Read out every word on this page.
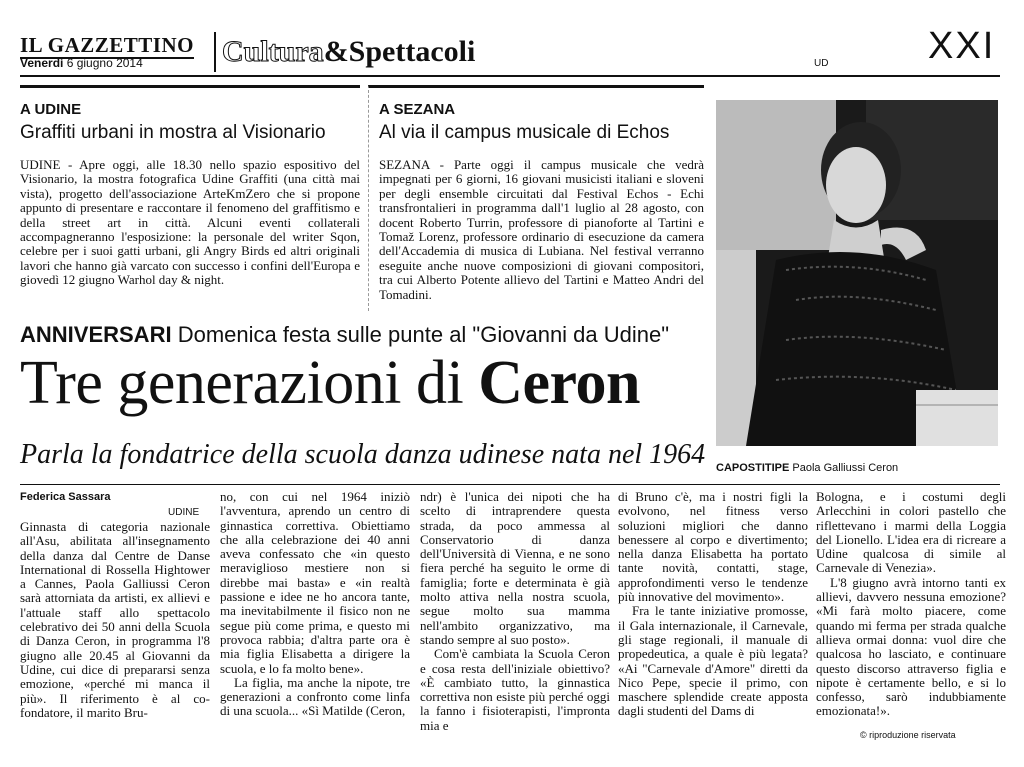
IL GAZZETTINO
Venerdì 6 giugno 2014	Cultura&Spettacoli	UD	XXI
A UDINE
Graffiti urbani in mostra al Visionario
UDINE - Apre oggi, alle 18.30 nello spazio espositivo del Visionario, la mostra fotografica Udine Graffiti (una città mai vista), progetto dell'associazione ArteKmZero che si propone appunto di presentare e raccontare il fenomeno del graffitismo e della street art in città. Alcuni eventi collaterali accompagneranno l'esposizione: la personale del writer Sqon, celebre per i suoi gatti urbani, gli Angry Birds ed altri originali lavori che hanno già varcato con successo i confini dell'Europa e giovedì 12 giugno Warhol day & night.
A SEZANA
Al via il campus musicale di Echos
SEZANA - Parte oggi il campus musicale che vedrà impegnati per 6 giorni, 16 giovani musicisti italiani e sloveni per degli ensemble circuitati dal Festival Echos - Echi transfrontalieri in programma dall'1 luglio al 28 agosto, con docent Roberto Turrin, professore di pianoforte al Tartini e Tomaž Lorenz, professore ordinario di esecuzione da camera dell'Accademia di musica di Lubiana. Nel festival verranno eseguite anche nuove composizioni di giovani compositori, tra cui Alberto Potente allievo del Tartini e Matteo Andri del Tomadini.
CAPOSTITIPE Paola Galliussi Ceron
ANNIVERSARI Domenica festa sulle punte al "Giovanni da Udine"
Tre generazioni di Ceron
Parla la fondatrice della scuola danza udinese nata nel 1964
Federica Sassara
UDINE

Ginnasta di categoria nazionale all'Asu, abilitata all'insegnamento della danza dal Centre de Danse International di Rossella Hightower a Cannes, Paola Galliussi Ceron sarà attorniata da artisti, ex allievi e l'attuale staff allo spettacolo celebrativo dei 50 anni della Scuola di Danza Ceron, in programma l'8 giugno alle 20.45 al Giovanni da Udine, cui dice di prepararsi senza emozione, «perché mi manca il più». Il riferimento è al co-fondatore, il marito Bru-

no, con cui nel 1964 iniziò l'avventura, aprendo un centro di ginnastica correttiva. Obiettiamo che alla celebrazione dei 40 anni aveva confessato che «in questo meraviglioso mestiere non si direbbe mai basta» e «in realtà passione e idee ne ho ancora tante, ma inevitabilmente il fisico non ne segue più come prima, e questo mi provoca rabbia; d'altra parte ora è mia figlia Elisabetta a dirigere la scuola, e lo fa molto bene».

La figlia, ma anche la nipote, tre generazioni a confronto come linfa di una scuola... «Sì Matilde (Ceron,

ndr) è l'unica dei nipoti che ha scelto di intraprendere questa strada, da poco ammessa al Conservatorio di danza dell'Università di Vienna, e ne sono fiera perché ha seguito le orme di famiglia; forte e determinata è già molto attiva nella nostra scuola, segue molto sua mamma nell'ambito organizzativo, ma stando sempre al suo posto».

Com'è cambiata la Scuola Ceron e cosa resta dell'iniziale obiettivo? «È cambiato tutto, la ginnastica correttiva non esiste più perché oggi la fanno i fisioterapisti, l'impronta mia e

di Bruno c'è, ma i nostri figli la evolvono, nel fitness verso soluzioni migliori che danno benessere al corpo e divertimento; nella danza Elisabetta ha portato tante novità, contatti, stage, approfondimenti verso le tendenze più innovative del movimento».

Fra le tante iniziative promosse, il Gala internazionale, il Carnevale, gli stage regionali, il manuale di propedeutica, a quale è più legata? «Ai "Carnevale d'Amore" diretti da Nico Pepe, specie il primo, con maschere splendide create apposta dagli studenti del Dams di

Bologna, e i costumi degli Arlecchini in colori pastello che riflettevano i marmi della Loggia del Lionello. L'idea era di ricreare a Udine qualcosa di simile al Carnevale di Venezia».

L'8 giugno avrà intorno tanti ex allievi, davvero nessuna emozione? «Mi farà molto piacere, come quando mi ferma per strada qualche allieva ormai donna: vuol dire che qualcosa ho lasciato, e continuare questo discorso attraverso figlia e nipote è certamente bello, e si lo confesso, sarò indubbiamente emozionata!».

© riproduzione riservata
